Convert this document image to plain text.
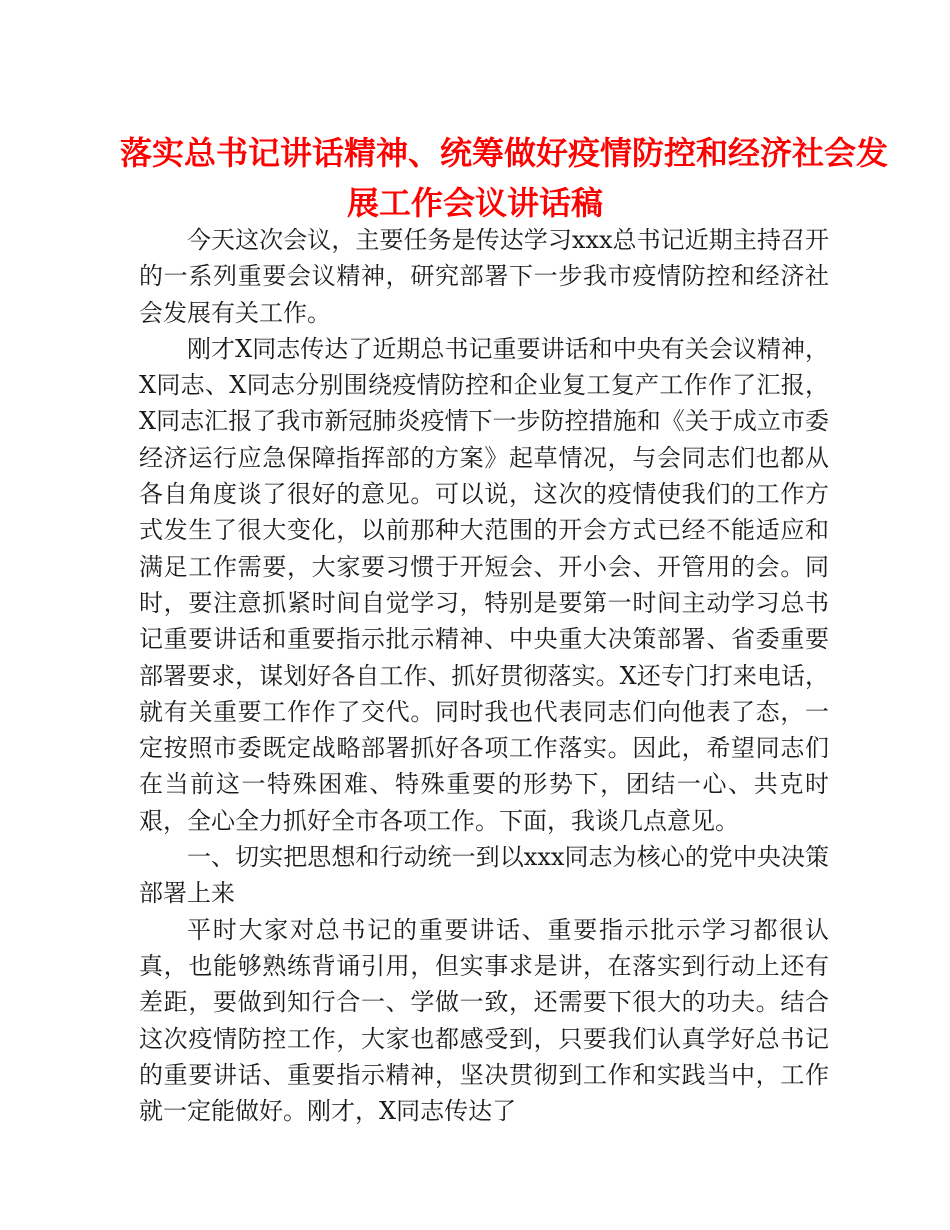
落实总书记讲话精神、统筹做好疫情防控和经济社会发
展工作会议讲话稿

今天这次会议，主要任务是传达学习xxx总书记近期主持召开的一系列重要会议精神，研究部署下一步我市疫情防控和经济社会发展有关工作。

刚才X同志传达了近期总书记重要讲话和中央有关会议精神，X同志、X同志分别围绕疫情防控和企业复工复产工作作了汇报，X同志汇报了我市新冠肺炎疫情下一步防控措施和《关于成立市委经济运行应急保障指挥部的方案》起草情况，与会同志们也都从各自角度谈了很好的意见。可以说，这次的疫情使我们的工作方式发生了很大变化，以前那种大范围的开会方式已经不能适应和满足工作需要，大家要习惯于开短会、开小会、开管用的会。同时，要注意抓紧时间自觉学习，特别是要第一时间主动学习总书记重要讲话和重要指示批示精神、中央重大决策部署、省委重要部署要求，谋划好各自工作、抓好贯彻落实。X还专门打来电话，就有关重要工作作了交代。同时我也代表同志们向他表了态，一定按照市委既定战略部署抓好各项工作落实。因此，希望同志们在当前这一特殊困难、特殊重要的形势下，团结一心、共克时艰，全心全力抓好全市各项工作。下面，我谈几点意见。

一、切实把思想和行动统一到以xxx同志为核心的党中央决策部署上来

平时大家对总书记的重要讲话、重要指示批示学习都很认真，也能够熟练背诵引用，但实事求是讲，在落实到行动上还有差距，要做到知行合一、学做一致，还需要下很大的功夫。结合这次疫情防控工作，大家也都感受到，只要我们认真学好总书记的重要讲话、重要指示精神，坚决贯彻到工作和实践当中，工作就一定能做好。刚才，X同志传达了
